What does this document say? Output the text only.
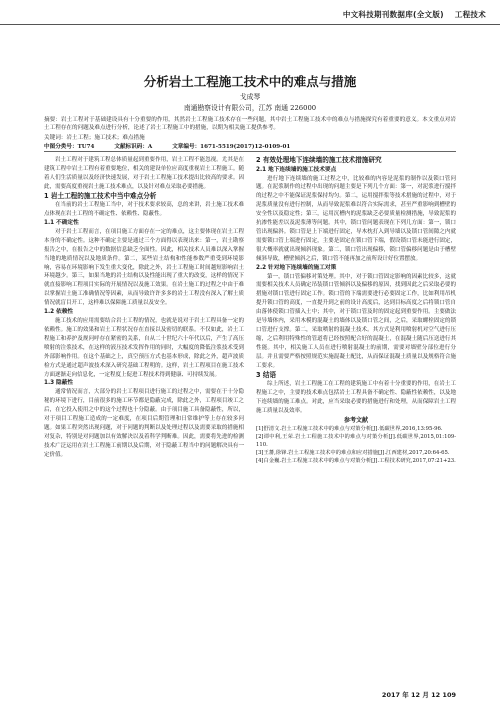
中文科技期刊数据库(全文版) 工程技术
分析岩土工程施工技术中的难点与措施
戈成琴
南通勘察设计有限公司，江苏 南通 226000
摘要：岩土工程对于基础建设具有十分重要的作用，其然岩土工程施工技术存在一些问题，其中岩土工程施工技术中的难点与措施探究有着重要的意义。本文重点对岩土工程存在的问题及难点进行分析，论述了岩土工程施工中的措施，以期为相关施工提供参考。
关键词：岩土工程；施工技术；难点措施
中图分类号：TU74	文献标识码：A	文章编号：1671-5519(2017)12-0109-01

岩土工程对于建筑工程总体质量起到重要作用，岩土工程不能忽视。尤其是在建筑工程中岩土工程有着重要地位，相关的建设单位应高度重视岩土工程施工。随着人们生活质量以及经济快速发展，对于岩土工程施工技术提出比较高的要求。因此，需要高度重视岩土施工技术难点，以及针对难点采取必要措施。

1 岩土工程的施工技术中当中难点分析

在当前的岩土工程施工当中，对于技术要求较高，总的来讲，岩土施工技术难点体现在岩土工程的不确定性、依赖性、隐蔽性。

1.1 不确定性

对于岩土工程而言，在项目施工方面存在一定的难点，这主要体现在岩土工程本身的不确定性。这种不确定主要是通过三个方面得以表现出来：第一，岩土勘察报告之中，在报告之中的数据信息缺乏全面性。因此，相关技术人员难以深入掌握当地的地质情况以及地质条件。第二，某些岩土结构和性能参数严重受到环境影响，容易在环境影响下发生重大变化，除此之外，岩土工程施工时间越短影响岩土环境越少。第三，如果当地的岩土结构以及性能出现了重大的改变，这样的情况下就直接影响工程项目实际的开展情况以及施工效果。在岩土施工的过程之中由于难以掌握岩土施工准确情况等因素，从而导致许许多多的岩土工程没有深入了解土质情况就盲目开工，这样难以保障施工质量以及安全。

1.2 依赖性

施工技术的应用需要结合岩土工程的情况，也就是说对于岩土工程具备一定的依赖性。施工的效果和岩土工程状况存在直接以及密切的联系。不仅如此，岩土工程施工和养护及规问呼存在紧密的关系，自从二十世纪六十年代以后，产生了高压喷射的注浆技术，在这样的液压技术发挥作用的同时，大幅度的降低注浆技术受到外部影响作用。在这个基础之上，真空预压方式也基本形成，除此之外，超声波质检方式是通过超声波技术深入研究基础工程明的。这样，岩土工程项目在施工技术方面逐渐走向信息化，一定程度上促进工程技术得到健康、可持续发展。

1.3 隐蔽性

通常情况而言，大部分的岩土工程项目进行施工的过程之中，需要在于十分隐秘的环境下进行，目前很多的施工环节都是隐蔽完成，除此之外，工程项目竣工之后，在它投入使用之中的这个过程也十分隐蔽。由于项目施工具备隐蔽性，所以，对于项目工程施工造成的一定难度，在项目后期管理和日常维护等上存在较多问题。如果工程突然出现问题，对于问题的判断以及处理过程以及需要采取的措施相对复杂，特别是对问题加以有效解决以及着科学判断难。因此，需要将先进的检测技术广泛运用在岩土工程施工前期以及后期，对于隐蔽工程当中的问题解决具有一定价值。

2 有效处理地下连续墙的施工技术措施研究
2.1 地下连续墙的施工技术要点

进行地下连续墙的施工过程之中，比较难的内容是泥浆的制作以及锁口管问题。在泥浆制作的过程中出现的问题主要是下列几个方面：第一，对泥浆进行搅拌的过程之中不能保证泥浆保持均匀。第二，运用搅拌浆等技术措施的过程中，对于泥浆质量没有进行控制，从而导致泥浆难以符合实际需求，甚至严重影响到槽壁的安全性以及稳定性；第三，运用沉槽内的泥浆缺乏必要质量检测措施，导致泥浆的抗渗性能差以及泥浆薄等问题。其中，锁口管问题表现在下列几方面：第一，锁口管出现偏斜。锁口管是上下端进行固定，导木枕打入到导墙以及锁口管间隙之内就需要锁口管上端进行固定，主要是固定在锁口管下端，假设锁口管未能进行固定，很大概率就就出现倾斜现象。第二，锁口管出现偏移，锁口管偏移问题是由于槽壁倾斜导致，槽壁倾斜之后，锁口管不能再加之前所设计好位置摆放。

2.2 针对地下连续墙的施工对策

第一，锁口管偏移对策处理。其中，对于锁口管固定影响的因素比较多，这就需要相关技术人员确定吊装锁口管倾斜以及偏移的原因，找到因此之后采取必要的措施对锁口管进行固定工作。锁口管的下端需要进行必要固定工作，比如利用吊机提升锁口管的高度，一直提升到之前的设计高度后，达到目标高度之后将锁口管自由落体使锁口管插入土中；其中，对于锁口管及时的固定起到重要作用。主要做法是导墙体内，采用木模的混凝土的墙体以及锁口管之间，之后，采取螺栓固定的锁口管进行支撑。第二，采取喷射的混凝土技术。其方式是利用喷射机对空气进行压缩，之后利用特殊性的管道将已经按照配合好的混凝土，在混凝土随后压送进行其性能。其中，相关施工人员在进行喷射混凝土的前期，需要对墙壁分部位进行分层。并且需要严格按照规范实施混凝土配比，从而保证混凝土质量以及规格符合施工要求。

3 结语

综上所述，岩土工程施工在工程的建筑施工中有着十分重要的作用，在岩土工程施工之中，主要的技术难点包括岩土工程具备不确定性、隐蔽性依赖性，以及地下连续墙的施工难点。对此，应当采取必要的措施进行和处理，从而保障岩土工程施工质量以及效率。

参考文献

[1]舒清文.岩土工程施工技术中的难点与对策分析[J].低碳世界,2016,13:95-96.

[2]谭中利,王荣.岩土工程施工技术中的难点与对策分析[J].低碳世界,2015,01:109-110.

[3]王蕃,徐锋.岩土工程施工技术中的难点和应对措施[J].江西建材,2017,20:64-65.

[4]白金巍.岩土工程施工技术中的难点与对策分析[J].工程技术研究,2017,07:21+23.

2017 年 12 月 12 109
